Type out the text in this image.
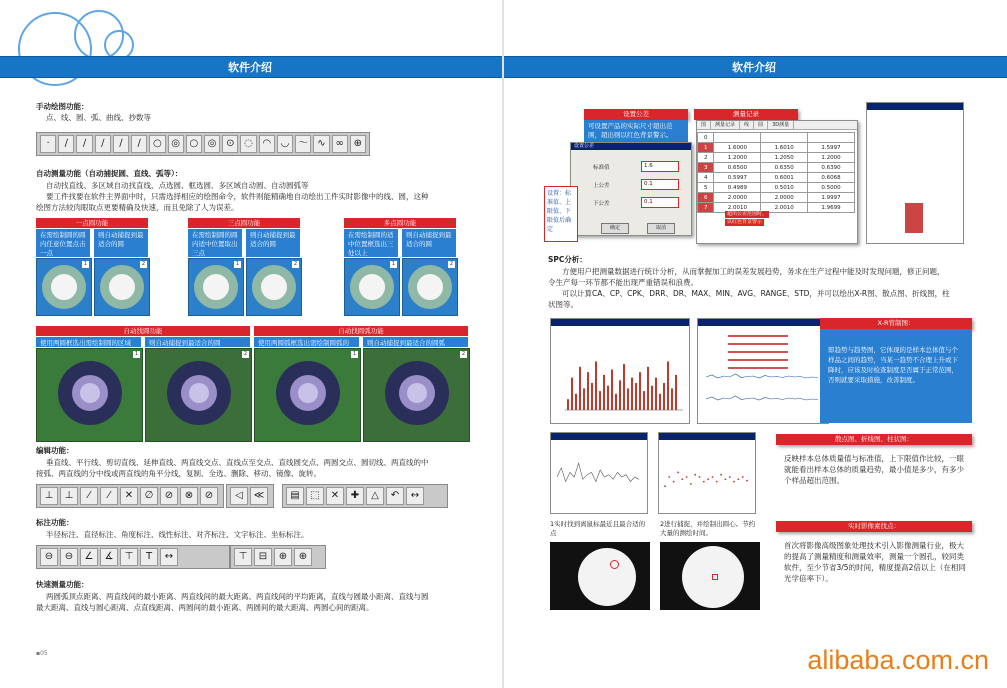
软件介绍
手动绘图功能：
点、线、圆、弧、曲线、抄数等
·	∕	∕	∕	∕	∕	○ ◎ ○ ◎ ⊙ ◌ ◠ ◡ 〜 ∿ ∞ ⊕
自动测量功能（自动捕捉圆、直线、弧等）：
自动找直线、多区域自动找直线、点选圆、框选圆、多区域自动圆、自动圆弧等
要工件找要在软件主界面中时，只需选择相应的绘图命令，软件则能精确地自动绘出工件实时影像中的线、圆，这种
绘图方法较肉眼取点更要精确及快速，而且免除了人为误差。
一点圆功能
在需绘制圆的圆内任意位置点击一点
则自动捕捉到最适合的圆
1	2
三点圆功能
在需绘制圆的圆内适中位置取出三点
则自动捕捉到最适合的圆
1	2
多点圆功能
在需绘制圆的适中位置框选出三处以上
则自动捕捉到最适合的圆
1	2
自动找圆功能
使用两圆框选出需绘制圆的区域	则自动捕捉到最适合的圆
1	2
自动找圆弧功能
使用两圆弧框选出需绘制圆弧的	则自动捕捉到最适合的圆弧
1	2
编辑功能：
垂直线、平行线、剪切直线、延伸直线、两直线交点、直线点至交点、直线圆交点、两圆交点、圆切线、两直线的中
接弧、两直线的分中线或两直线的角平分线，复制、全选、删除、移动、镜像、旋转。
⊥	⊥	⁄	⁄	✕	∅	⊘	⊗	⊘	◁	≪	▤	⬚	✕	✚	△	↶	↔
标注功能：
半径标注、直径标注、角度标注、线性标注、对齐标注、文字标注、坐标标注。
⊖	⊖	∠	∡	⊤	T	↔	⊤	⊟	⊕	⊕
快速测量功能：
两圆弧顶点距离、两直线间的最小距离、两直线间的最大距离、两直线间的平均距离，直线与圆最小距离、直线与圆
最大距离、直线与圆心距离、点直线距离、两圆间的最小距离、两圆间的最大距离、两圆心间的距离。
▪05
软件介绍
设置公差
可设置产品的实际尺寸超出范围，超出则以红色背景警示。
设置公差
标准值	1.6
上公差	0.1
下公差	0.1
确定	取消
设置：标准值、上限值、下限值后确定
测量记录
图	测量记录	线	圆	3D测量
0			
1	1.6000	1.6010	1.5997
2	1.2000	1.2050	1.2000
3	0.6500	0.6350	0.6390
4	0.5997	0.6001	0.6068
5	0.4989	0.5010	0.5000
6	2.0000	2.0000	1.9997
7	2.0010	2.0010	1.9699
超出公差范围时，
以红色背景警示
SPC分析：
方便用户把测量数据进行统计分析，从而掌握加工的误差发展趋势，务求在生产过程中能及时发现问题，修正问题，
令生产每一环节都不能出现严重错误和浪费。
可以计算CA、CP、CPK、DRR、DR、MAX、MIN、AVG、RANGE、STD，并可以绘出X-R图、散点图、折线图，柱
状图等。
X-R管制图：
即趋势与趋势图，它体现的是样本总体值与个样品之间的趋势，当某一趋势不合理上升或下降时，应该及时检查制度是否属于正常范围，否则就要采取措施，改善制度。
散点图、折线图、柱状图：
反映样本总体质量值与标准值，上下限值作比较，一眼就能看出样本总体的质量趋势，最小值是多少，有多少个样品超出范围。
1实时找到离鼠标最近且最合适的点
2进行捕捉，并绘制出圆心。节约大量的测绘时间。
实时影像素找点：
首次将影像高级图象处理技术引入影像测量行业，极大的提高了测量精度和测量效率，测量一个圆孔，较同类软件，至少节省3/5的时间，精度提高2倍以上（在相同光学倍率下）。
alibaba.com.cn
